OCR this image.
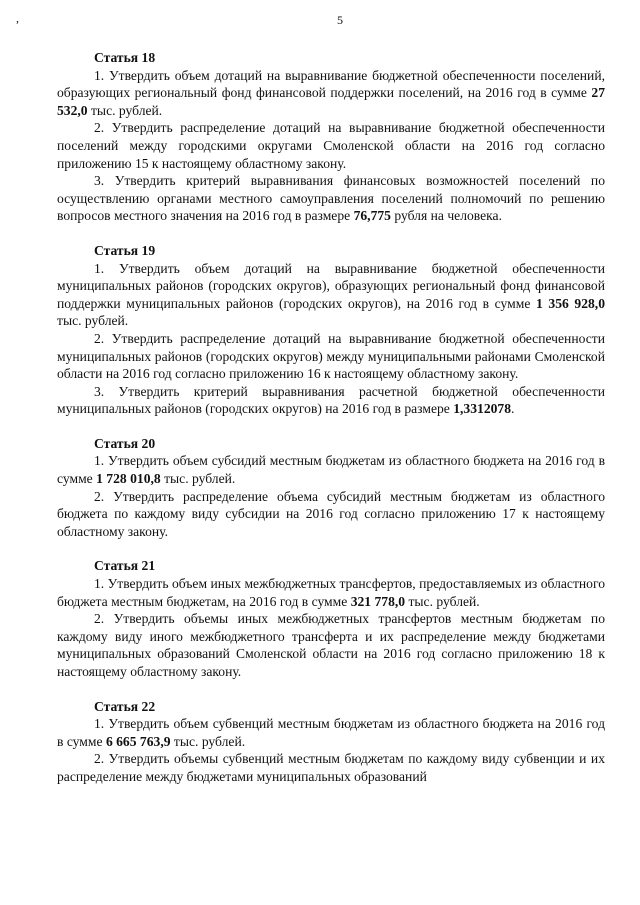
,	5
Статья 18

1. Утвердить объем дотаций на выравнивание бюджетной обеспеченности поселений, образующих региональный фонд финансовой поддержки поселений, на 2016 год в сумме 27 532,0 тыс. рублей.

2. Утвердить распределение дотаций на выравнивание бюджетной обеспеченности поселений между городскими округами Смоленской области на 2016 год согласно приложению 15 к настоящему областному закону.

3. Утвердить критерий выравнивания финансовых возможностей поселений по осуществлению органами местного самоуправления поселений полномочий по решению вопросов местного значения на 2016 год в размере 76,775 рубля на человека.

Статья 19

1. Утвердить объем дотаций на выравнивание бюджетной обеспеченности муниципальных районов (городских округов), образующих региональный фонд финансовой поддержки муниципальных районов (городских округов), на 2016 год в сумме 1 356 928,0 тыс. рублей.

2. Утвердить распределение дотаций на выравнивание бюджетной обеспеченности муниципальных районов (городских округов) между муниципальными районами Смоленской области на 2016 год согласно приложению 16 к настоящему областному закону.

3. Утвердить критерий выравнивания расчетной бюджетной обеспеченности муниципальных районов (городских округов) на 2016 год в размере 1,3312078.

Статья 20

1. Утвердить объем субсидий местным бюджетам из областного бюджета на 2016 год в сумме 1 728 010,8 тыс. рублей.

2. Утвердить распределение объема субсидий местным бюджетам из областного бюджета по каждому виду субсидии на 2016 год согласно приложению 17 к настоящему областному закону.

Статья 21

1. Утвердить объем иных межбюджетных трансфертов, предоставляемых из областного бюджета местным бюджетам, на 2016 год в сумме 321 778,0 тыс. рублей.

2. Утвердить объемы иных межбюджетных трансфертов местным бюджетам по каждому виду иного межбюджетного трансферта и их распределение между бюджетами муниципальных образований Смоленской области на 2016 год согласно приложению 18 к настоящему областному закону.

Статья 22

1. Утвердить объем субвенций местным бюджетам из областного бюджета на 2016 год в сумме 6 665 763,9 тыс. рублей.

2. Утвердить объемы субвенций местным бюджетам по каждому виду субвенции и их распределение между бюджетами муниципальных образований
